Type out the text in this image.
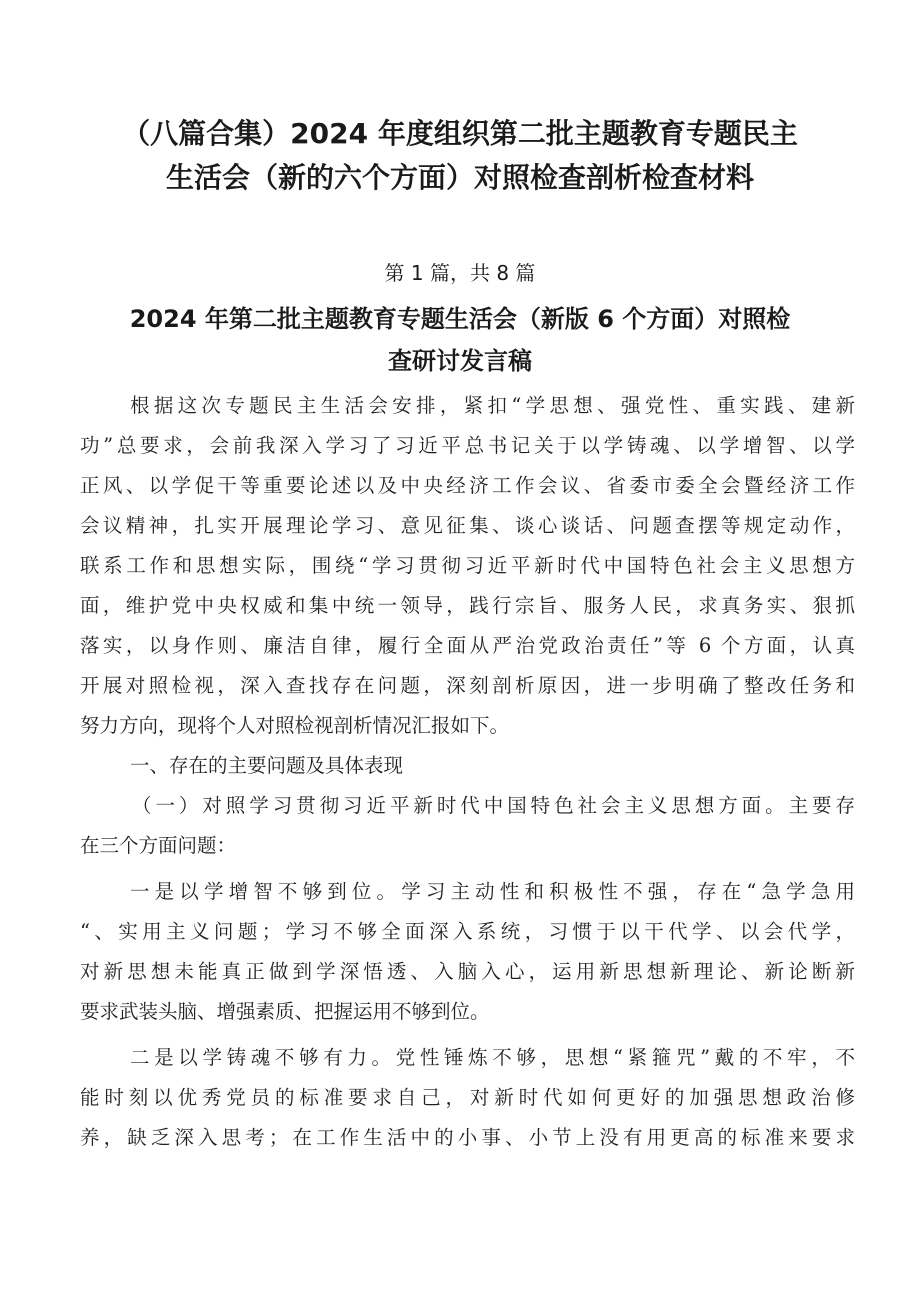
（八篇合集）2024 年度组织第二批主题教育专题民主
生活会（新的六个方面）对照检查剖析检查材料
第 1 篇，共 8 篇
2024 年第二批主题教育专题生活会（新版 6 个方面）对照检
查研讨发言稿
根据这次专题民主生活会安排，紧扣“学思想、强党性、重实践、建新
功”总要求，会前我深入学习了习近平总书记关于以学铸魂、以学增智、以学
正风、以学促干等重要论述以及中央经济工作会议、省委市委全会暨经济工作
会议精神，扎实开展理论学习、意见征集、谈心谈话、问题查摆等规定动作，
联系工作和思想实际，围绕“学习贯彻习近平新时代中国特色社会主义思想方
面，维护党中央权威和集中统一领导，践行宗旨、服务人民，求真务实、狠抓
落实，以身作则、廉洁自律，履行全面从严治党政治责任”等 6 个方面，认真
开展对照检视，深入查找存在问题，深刻剖析原因，进一步明确了整改任务和
努力方向，现将个人对照检视剖析情况汇报如下。
一、存在的主要问题及具体表现
（一）对照学习贯彻习近平新时代中国特色社会主义思想方面。主要存
在三个方面问题：
一是以学增智不够到位。学习主动性和积极性不强，存在“急学急用
“、实用主义问题；学习不够全面深入系统，习惯于以干代学、以会代学，
对新思想未能真正做到学深悟透、入脑入心，运用新思想新理论、新论断新
要求武装头脑、增强素质、把握运用不够到位。
二是以学铸魂不够有力。党性锤炼不够，思想“紧箍咒”戴的不牢，不
能时刻以优秀党员的标准要求自己，对新时代如何更好的加强思想政治修
养，缺乏深入思考；在工作生活中的小事、小节上没有用更高的标准来要求
